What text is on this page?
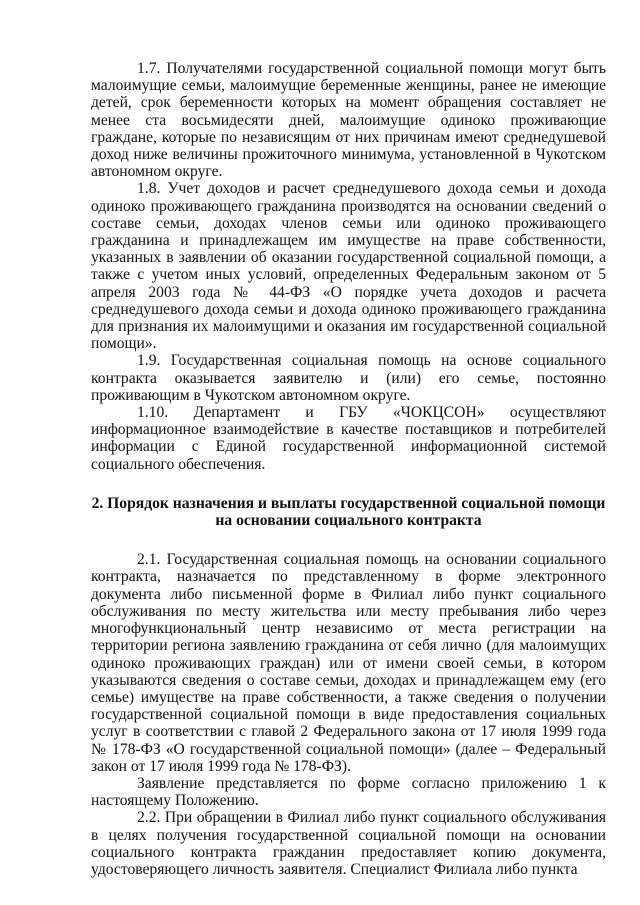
1.7. Получателями государственной социальной помощи могут быть малоимущие семьи, малоимущие беременные женщины, ранее не имеющие детей, срок беременности которых на момент обращения составляет не менее ста восьмидесяти дней, малоимущие одиноко проживающие граждане, которые по независящим от них причинам имеют среднедушевой доход ниже величины прожиточного минимума, установленной в Чукотском автономном округе.

1.8. Учет доходов и расчет среднедушевого дохода семьи и дохода одиноко проживающего гражданина производятся на основании сведений о составе семьи, доходах членов семьи или одиноко проживающего гражданина и принадлежащем им имуществе на праве собственности, указанных в заявлении об оказании государственной социальной помощи, а также с учетом иных условий, определенных Федеральным законом от 5 апреля 2003 года № 44-ФЗ «О порядке учета доходов и расчета среднедушевого дохода семьи и дохода одиноко проживающего гражданина для признания их малоимущими и оказания им государственной социальной помощи».

1.9. Государственная социальная помощь на основе социального контракта оказывается заявителю и (или) его семье, постоянно проживающим в Чукотском автономном округе.

1.10. Департамент и ГБУ «ЧОКЦСОН» осуществляют информационное взаимодействие в качестве поставщиков и потребителей информации с Единой государственной информационной системой социального обеспечения.

2. Порядок назначения и выплаты государственной социальной помощи на основании социального контракта

2.1. Государственная социальная помощь на основании социального контракта, назначается по представленному в форме электронного документа либо письменной форме в Филиал либо пункт социального обслуживания по месту жительства или месту пребывания либо через многофункциональный центр независимо от места регистрации на территории региона заявлению гражданина от себя лично (для малоимущих одиноко проживающих граждан) или от имени своей семьи, в котором указываются сведения о составе семьи, доходах и принадлежащем ему (его семье) имуществе на праве собственности, а также сведения о получении государственной социальной помощи в виде предоставления социальных услуг в соответствии с главой 2 Федерального закона от 17 июля 1999 года № 178-ФЗ «О государственной социальной помощи» (далее – Федеральный закон от 17 июля 1999 года № 178-ФЗ).

Заявление представляется по форме согласно приложению 1 к настоящему Положению.

2.2. При обращении в Филиал либо пункт социального обслуживания в целях получения государственной социальной помощи на основании социального контракта гражданин предоставляет копию документа, удостоверяющего личность заявителя. Специалист Филиала либо пункта
